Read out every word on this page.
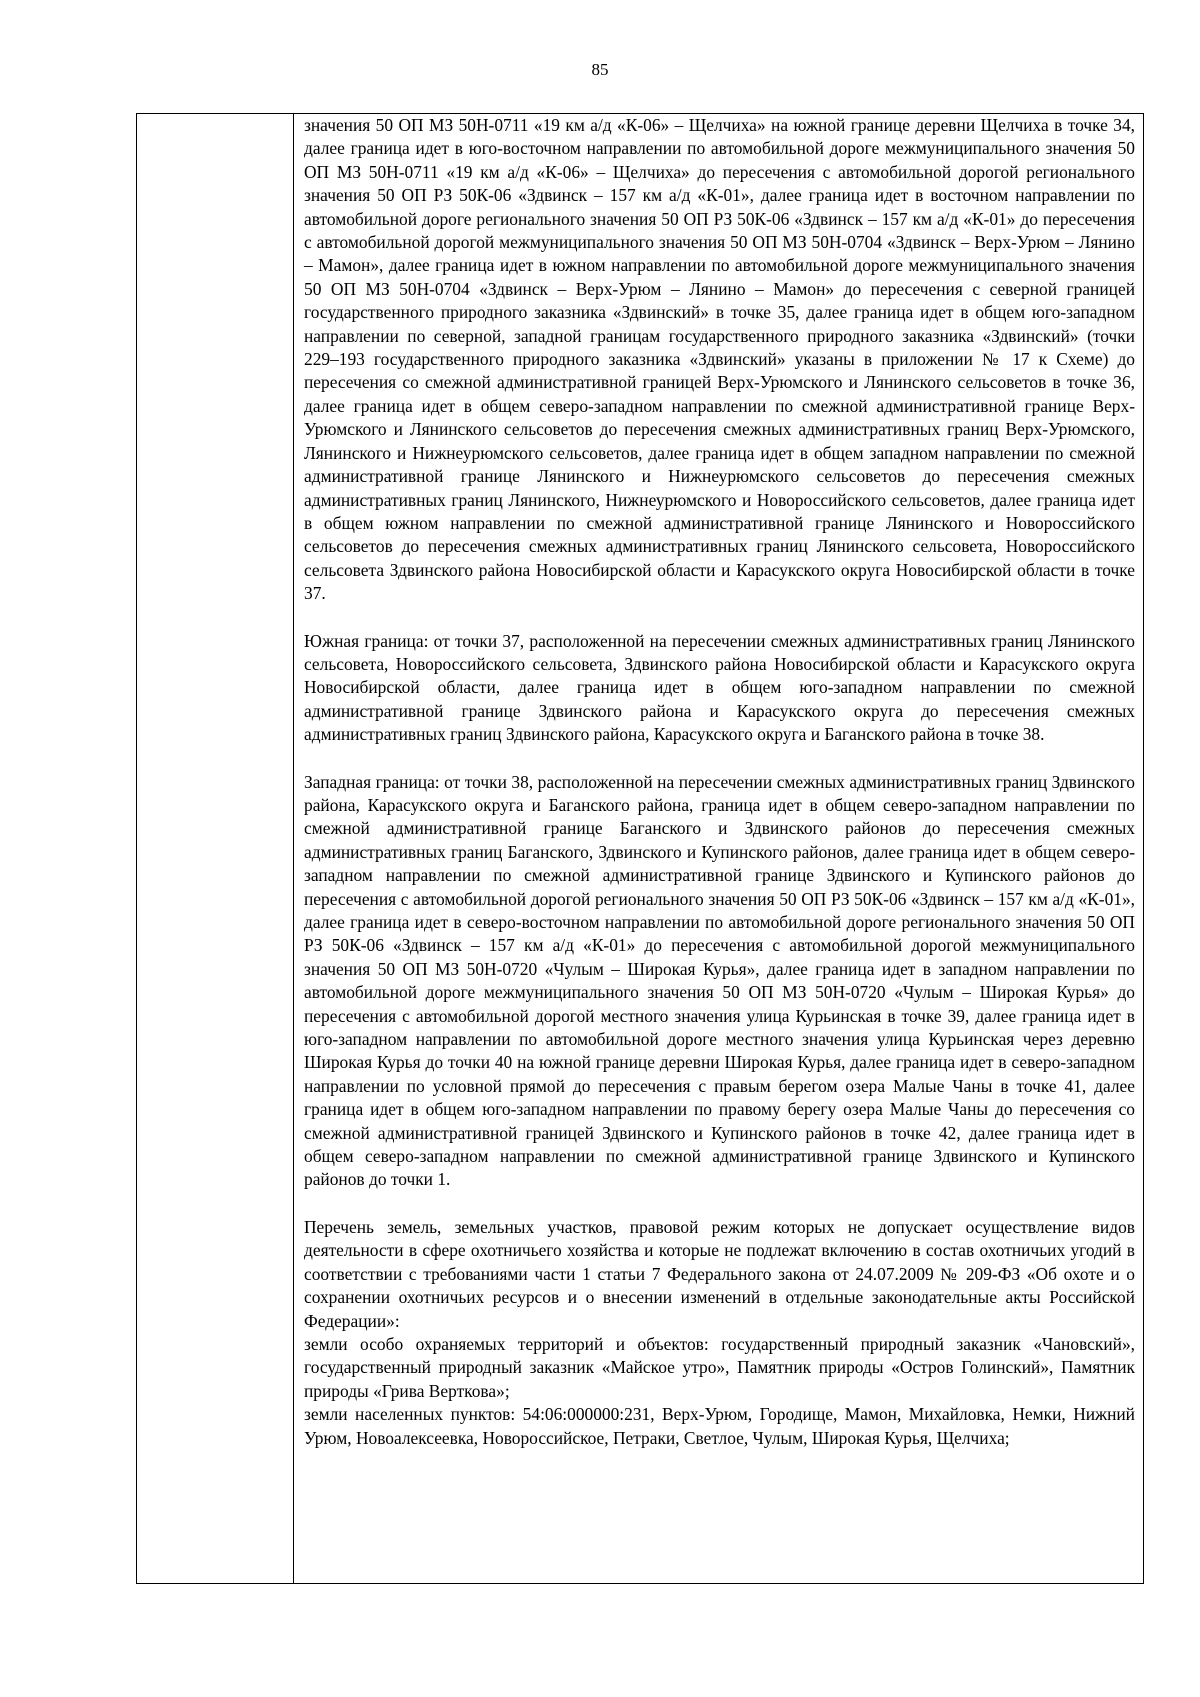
85

значения 50 ОП МЗ 50Н-0711 «19 км а/д «К-06» – Щелчиха» на южной границе деревни Щелчиха в точке 34, далее граница идет в юго-восточном направлении по автомобильной дороге межмуниципального значения 50 ОП МЗ 50Н-0711 «19 км а/д «К-06» – Щелчиха» до пересечения с автомобильной дорогой регионального значения 50 ОП РЗ 50К-06 «Здвинск – 157 км а/д «К-01», далее граница идет в восточном направлении по автомобильной дороге регионального значения 50 ОП РЗ 50К-06 «Здвинск – 157 км а/д «К-01» до пересечения с автомобильной дорогой межмуниципального значения 50 ОП МЗ 50Н-0704 «Здвинск – Верх-Урюм – Лянино – Мамон», далее граница идет в южном направлении по автомобильной дороге межмуниципального значения 50 ОП МЗ 50Н-0704 «Здвинск – Верх-Урюм – Лянино – Мамон» до пересечения с северной границей государственного природного заказника «Здвинский» в точке 35, далее граница идет в общем юго-западном направлении по северной, западной границам государственного природного заказника «Здвинский» (точки 229–193 государственного природного заказника «Здвинский» указаны в приложении № 17 к Схеме) до пересечения со смежной административной границей Верх-Урюмского и Лянинского сельсоветов в точке 36, далее граница идет в общем северо-западном направлении по смежной административной границе Верх-Урюмского и Лянинского сельсоветов до пересечения смежных административных границ Верх-Урюмского, Лянинского и Нижнеурюмского сельсоветов, далее граница идет в общем западном направлении по смежной административной границе Лянинского и Нижнеурюмского сельсоветов до пересечения смежных административных границ Лянинского, Нижнеурюмского и Новороссийского сельсоветов, далее граница идет в общем южном направлении по смежной административной границе Лянинского и Новороссийского сельсоветов до пересечения смежных административных границ Лянинского сельсовета, Новороссийского сельсовета Здвинского района Новосибирской области и Карасукского округа Новосибирской области в точке 37.

Южная граница: от точки 37, расположенной на пересечении смежных административных границ Лянинского сельсовета, Новороссийского сельсовета, Здвинского района Новосибирской области и Карасукского округа Новосибирской области, далее граница идет в общем юго-западном направлении по смежной административной границе Здвинского района и Карасукского округа до пересечения смежных административных границ Здвинского района, Карасукского округа и Баганского района в точке 38.

Западная граница: от точки 38, расположенной на пересечении смежных административных границ Здвинского района, Карасукского округа и Баганского района, граница идет в общем северо-западном направлении по смежной административной границе Баганского и Здвинского районов до пересечения смежных административных границ Баганского, Здвинского и Купинского районов, далее граница идет в общем северо-западном направлении по смежной административной границе Здвинского и Купинского районов до пересечения с автомобильной дорогой регионального значения 50 ОП РЗ 50К-06 «Здвинск – 157 км а/д «К-01», далее граница идет в северо-восточном направлении по автомобильной дороге регионального значения 50 ОП РЗ 50К-06 «Здвинск – 157 км а/д «К-01» до пересечения с автомобильной дорогой межмуниципального значения 50 ОП МЗ 50Н-0720 «Чулым – Широкая Курья», далее граница идет в западном направлении по автомобильной дороге межмуниципального значения 50 ОП МЗ 50Н-0720 «Чулым – Широкая Курья» до пересечения с автомобильной дорогой местного значения улица Курьинская в точке 39, далее граница идет в юго-западном направлении по автомобильной дороге местного значения улица Курьинская через деревню Широкая Курья до точки 40 на южной границе деревни Широкая Курья, далее граница идет в северо-западном направлении по условной прямой до пересечения с правым берегом озера Малые Чаны в точке 41, далее граница идет в общем юго-западном направлении по правому берегу озера Малые Чаны до пересечения со смежной административной границей Здвинского и Купинского районов в точке 42, далее граница идет в общем северо-западном направлении по смежной административной границе Здвинского и Купинского районов до точки 1.

Перечень земель, земельных участков, правовой режим которых не допускает осуществление видов деятельности в сфере охотничьего хозяйства и которые не подлежат включению в состав охотничьих угодий в соответствии с требованиями части 1 статьи 7 Федерального закона от 24.07.2009 № 209-ФЗ «Об охоте и о сохранении охотничьих ресурсов и о внесении изменений в отдельные законодательные акты Российской Федерации»:

земли особо охраняемых территорий и объектов: государственный природный заказник «Чановский», государственный природный заказник «Майское утро», Памятник природы «Остров Голинский», Памятник природы «Грива Верткова»;

земли населенных пунктов: 54:06:000000:231, Верх-Урюм, Городище, Мамон, Михайловка, Немки, Нижний Урюм, Новоалексеевка, Новороссийское, Петраки, Светлое, Чулым, Широкая Курья, Щелчиха;
